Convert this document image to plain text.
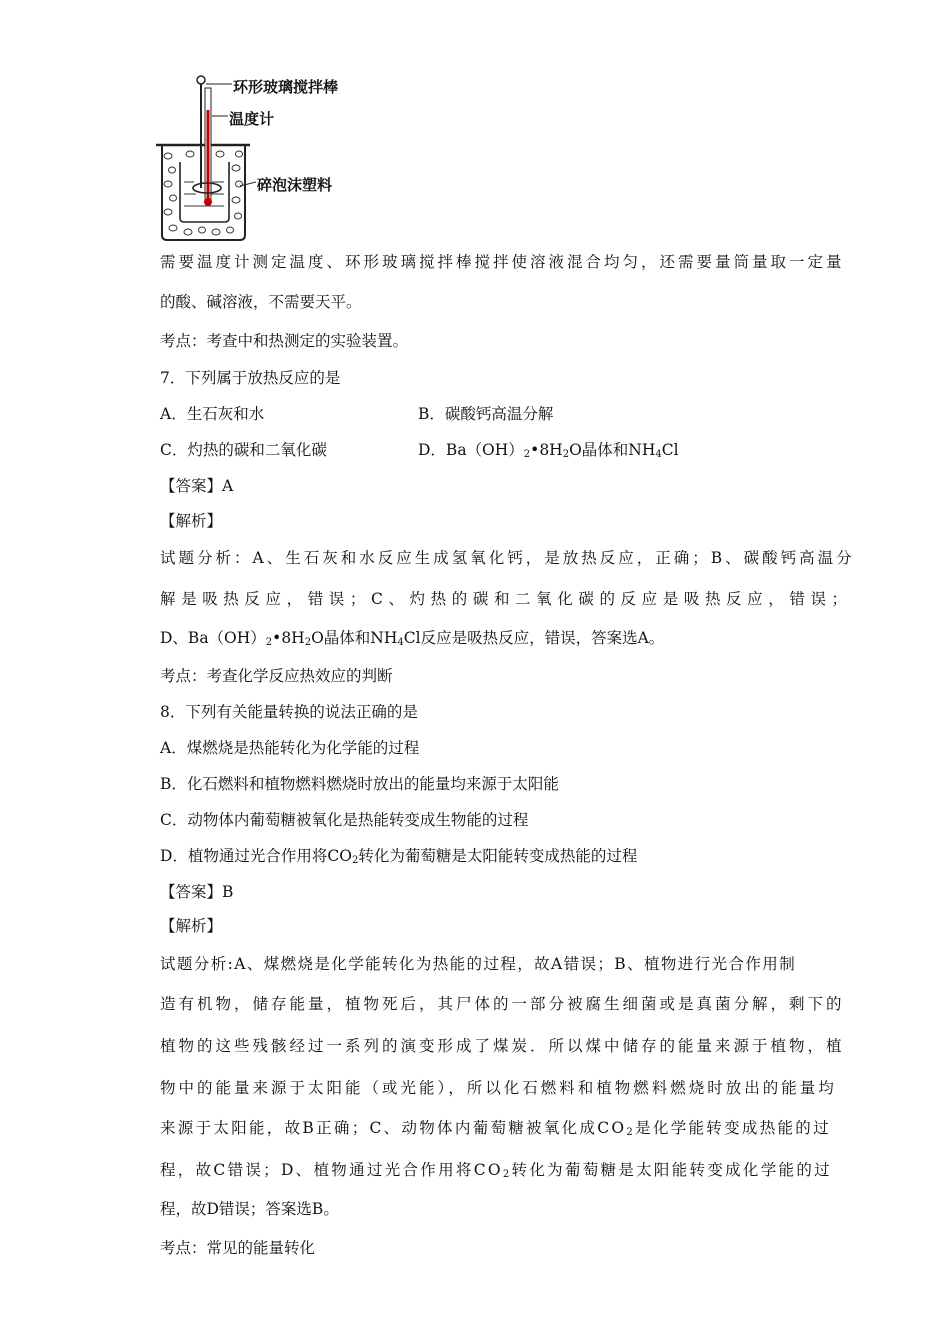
环形玻璃搅拌棒
温度计
碎泡沫塑料
需要温度计测定温度、环形玻璃搅拌棒搅拌使溶液混合均匀，还需要量筒量取一定量
的酸、碱溶液，不需要天平。
考点：考查中和热测定的实验装置。
7．下列属于放热反应的是
A．生石灰和水	B．碳酸钙高温分解
C．灼热的碳和二氧化碳	D．$Ba(OH)_2•8H_2O$晶体和$NH_4Cl$
【答案】A
【解析】
试题分析：A、生石灰和水反应生成氢氧化钙，是放热反应，正确；B、碳酸钙高温分
解是吸热反应，错误；C、灼热的碳和二氧化碳的反应是吸热反应，错误；
D、$Ba(OH)_2•8H_2O$晶体和$NH_4Cl$反应是吸热反应，错误，答案选A。
考点：考查化学反应热效应的判断
8．下列有关能量转换的说法正确的是
A．煤燃烧是热能转化为化学能的过程
B．化石燃料和植物燃料燃烧时放出的能量均来源于太阳能
C．动物体内葡萄糖被氧化是热能转变成生物能的过程
D．植物通过光合作用将$CO_2$转化为葡萄糖是太阳能转变成热能的过程
【答案】B
【解析】
试题分析:A、煤燃烧是化学能转化为热能的过程，故A错误；B、植物进行光合作用制
造有机物，储存能量，植物死后，其尸体的一部分被腐生细菌或是真菌分解，剩下的
植物的这些残骸经过一系列的演变形成了煤炭．所以煤中储存的能量来源于植物，植
物中的能量来源于太阳能（或光能），所以化石燃料和植物燃料燃烧时放出的能量均
来源于太阳能，故B正确；C、动物体内葡萄糖被氧化成$CO_2$是化学能转变成热能的过
程，故C错误；D、植物通过光合作用将$CO_2$转化为葡萄糖是太阳能转变成化学能的过
程，故D错误；答案选B。
考点：常见的能量转化
